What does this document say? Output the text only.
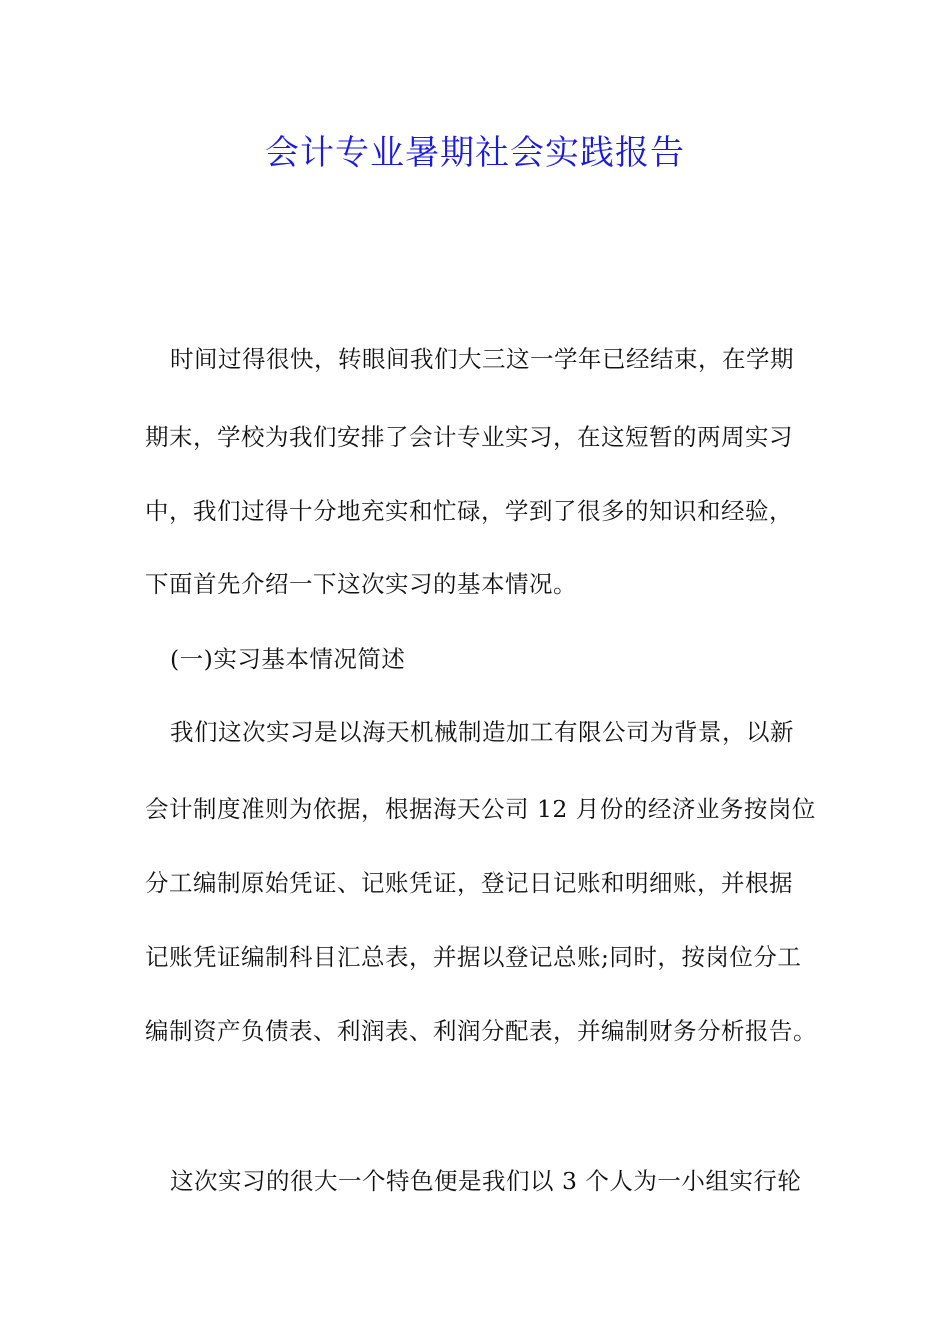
会计专业暑期社会实践报告
时间过得很快，转眼间我们大三这一学年已经结束，在学期
期末，学校为我们安排了会计专业实习，在这短暂的两周实习
中，我们过得十分地充实和忙碌，学到了很多的知识和经验，
下面首先介绍一下这次实习的基本情况。
(一)实习基本情况简述
我们这次实习是以海天机械制造加工有限公司为背景，以新
会计制度准则为依据，根据海天公司 12 月份的经济业务按岗位
分工编制原始凭证、记账凭证，登记日记账和明细账，并根据
记账凭证编制科目汇总表，并据以登记总账;同时，按岗位分工
编制资产负债表、利润表、利润分配表，并编制财务分析报告。
这次实习的很大一个特色便是我们以 3 个人为一小组实行轮
